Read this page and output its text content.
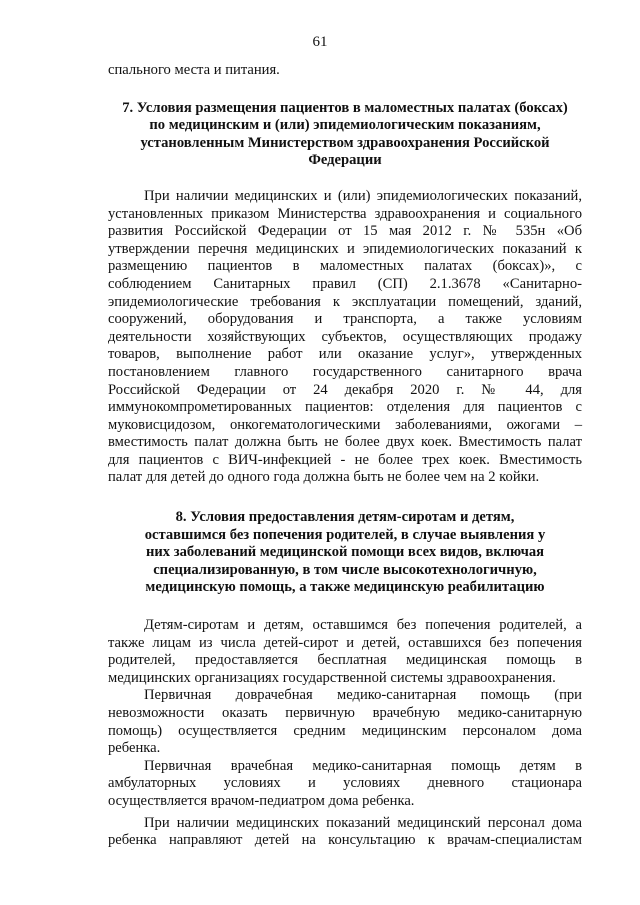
61
спального места и питания.
7. Условия размещения пациентов в маломестных палатах (боксах)
по медицинским и (или) эпидемиологическим показаниям,
установленным Министерством здравоохранения Российской
Федерации
При наличии медицинских и (или) эпидемиологических показаний,
установленных приказом Министерства здравоохранения и социального
развития Российской Федерации от 15 мая 2012 г. № 535н «Об
утверждении перечня медицинских и эпидемиологических показаний к
размещению пациентов в маломестных палатах (боксах)», с
соблюдением Санитарных правил (СП) 2.1.3678 «Санитарно-
эпидемиологические требования к эксплуатации помещений, зданий,
сооружений, оборудования и транспорта, а также условиям
деятельности хозяйствующих субъектов, осуществляющих продажу
товаров, выполнение работ или оказание услуг», утвержденных
постановлением главного государственного санитарного врача
Российской Федерации от 24 декабря 2020 г. № 44, для
иммунокомпрометированных пациентов: отделения для пациентов с
муковисцидозом, онкогематологическими заболеваниями, ожогами –
вместимость палат должна быть не более двух коек. Вместимость палат
для пациентов с ВИЧ-инфекцией - не более трех коек. Вместимость
палат для детей до одного года должна быть не более чем на 2 койки.
8. Условия предоставления детям-сиротам и детям,
оставшимся без попечения родителей, в случае выявления у
них заболеваний медицинской помощи всех видов, включая
специализированную, в том числе высокотехнологичную,
медицинскую помощь, а также медицинскую реабилитацию
Детям-сиротам и детям, оставшимся без попечения родителей, а
также лицам из числа детей-сирот и детей, оставшихся без попечения
родителей, предоставляется бесплатная медицинская помощь в
медицинских организациях государственной системы здравоохранения.
Первичная доврачебная медико-санитарная помощь (при
невозможности оказать первичную врачебную медико-санитарную
помощь) осуществляется средним медицинским персоналом дома
ребенка.
Первичная врачебная медико-санитарная помощь детям в
амбулаторных условиях и условиях дневного стационара
осуществляется врачом-педиатром дома ребенка.
При наличии медицинских показаний медицинский персонал дома
ребенка направляют детей на консультацию к врачам-специалистам
